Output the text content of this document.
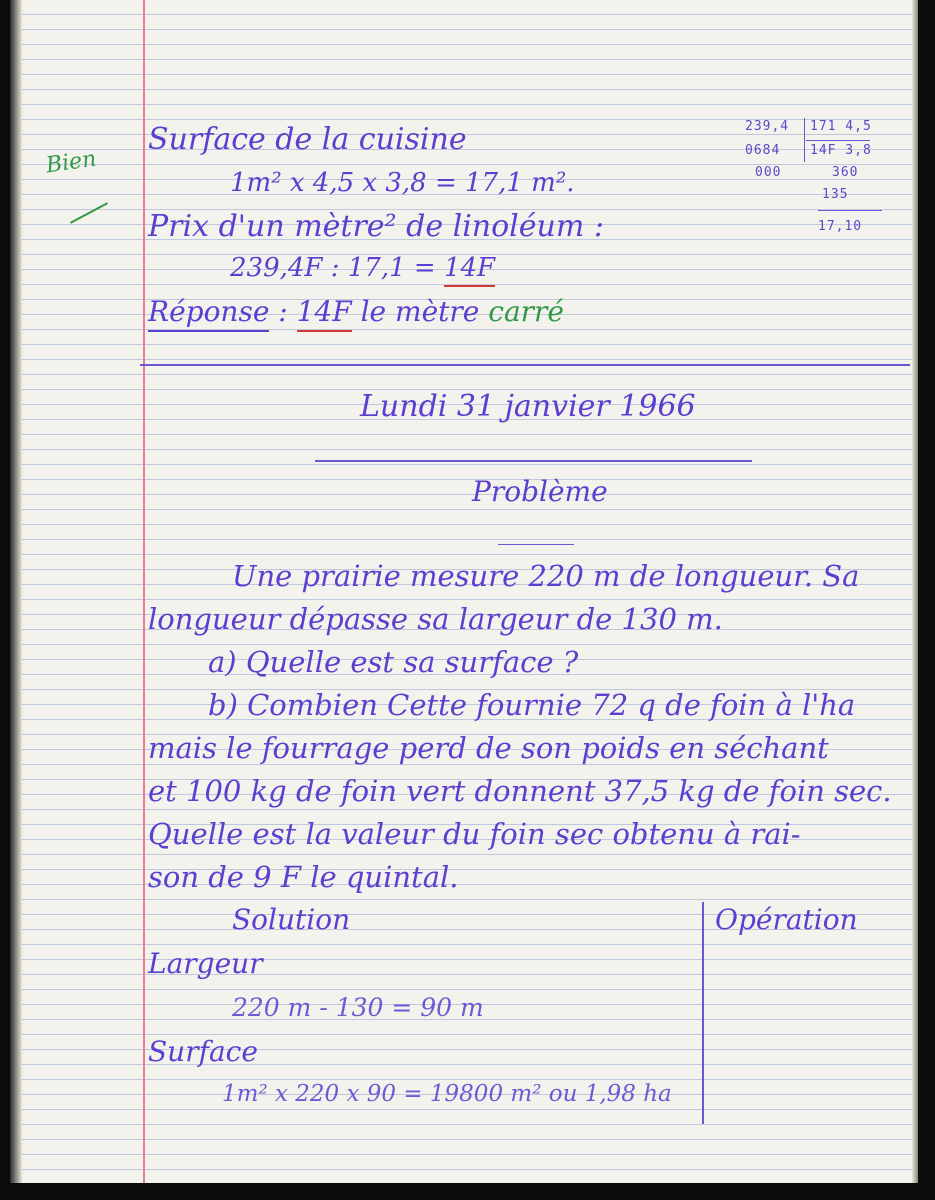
Bien
Surface de la cuisine
1m² x 4,5 x 3,8 = 17,1 m².
Prix d'un mètre² de linoléum :
239,4F : 17,1 = 14F
Réponse : 14F le mètre carré
239,4 171 4,5
0684 14F 3,8
000	360
135
17,10
Lundi 31 janvier 1966
Problème
Une prairie mesure 220 m de longueur. Sa
longueur dépasse sa largeur de 130 m.
a) Quelle est sa surface ?
b) Combien Cette fournie 72 q de foin à l'ha
mais le fourrage perd de son poids en séchant
et 100 kg de foin vert donnent 37,5 kg de foin sec.
Quelle est la valeur du foin sec obtenu à rai-
son de 9 F le quintal.
Solution	Opération
Largeur
220 m - 130 = 90 m
Surface
1m² x 220 x 90 = 19800 m² ou 1,98 ha
